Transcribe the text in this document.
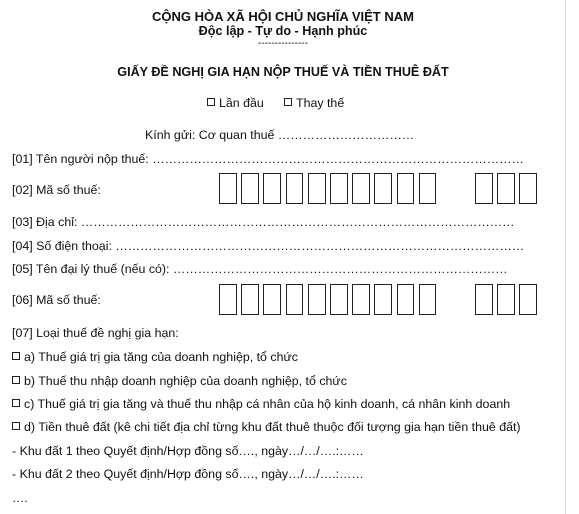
CỘNG HÒA XÃ HỘI CHỦ NGHĨA VIỆT NAM
Độc lập - Tự do - Hạnh phúc
---------------
GIẤY ĐỀ NGHỊ GIA HẠN NỘP THUẾ VÀ TIỀN THUÊ ĐẤT
Lần đầu	Thay thế
Kính gửi: Cơ quan thuế ……………………………
[01] Tên người nộp thuế: ………………………………………………………………………………
[02] Mã số thuế:
[03] Địa chỉ: ……………………………………………………………………………………………
[04] Số điện thoại: ………………………………………………………………………………………
[05] Tên đại lý thuế (nếu có): ………………………………………………………………………
[06] Mã số thuế:
[07] Loại thuế đề nghị gia hạn:
a) Thuế giá trị gia tăng của doanh nghiệp, tổ chức
b) Thuế thu nhập doanh nghiệp của doanh nghiệp, tổ chức
c) Thuế giá trị gia tăng và thuế thu nhập cá nhân của hộ kinh doanh, cá nhân kinh doanh
d) Tiền thuê đất (kê chi tiết địa chỉ từng khu đất thuê thuộc đối tượng gia hạn tiền thuê đất)
- Khu đất 1 theo Quyết định/Hợp đồng số…., ngày…/…/….:……
- Khu đất 2 theo Quyết định/Hợp đồng số…., ngày…/…/….:……
….
